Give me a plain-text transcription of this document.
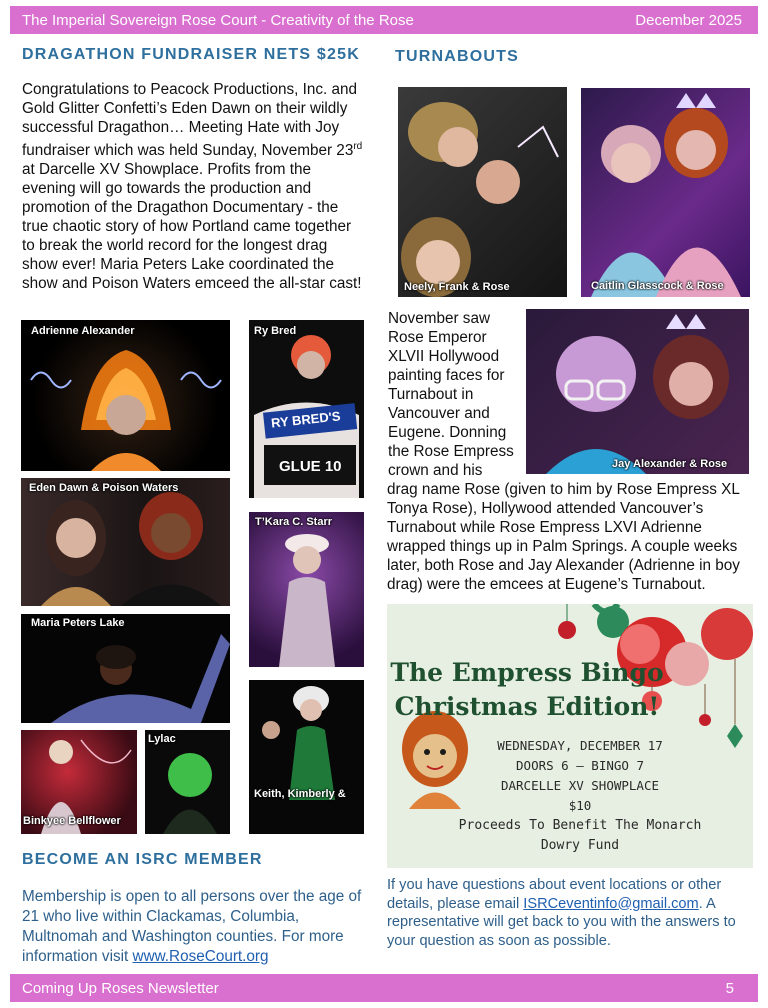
The Imperial Sovereign Rose Court - Creativity of the Rose	December 2025
DRAGATHON FUNDRAISER NETS $25K
Congratulations to Peacock Productions, Inc. and Gold Glitter Confetti’s Eden Dawn on their wildly successful Dragathon… Meeting Hate with Joy fundraiser which was held Sunday, November 23rd at Darcelle XV Showplace. Profits from the evening will go towards the production and promotion of the Dragathon Documentary - the true chaotic story of how Portland came together to break the world record for the longest drag show ever! Maria Peters Lake coordinated the show and Poison Waters emceed the all-star cast!
Adrienne Alexander	Ry Bred
RY BRED'S
GLUE 10
Eden Dawn & Poison Waters
T’Kara C. Starr
Maria Peters Lake
Binkyee Bellflower
Lylac
Keith, Kimberly &
BECOME AN ISRC MEMBER
Membership is open to all persons over the age of 21 who live within Clackamas, Columbia, Multnomah and Washington counties. For more information visit www.RoseCourt.org
TURNABOUTS
Neely, Frank & Rose	Caitlin Glasscock & Rose
November saw Rose Emperor XLVII Hollywood painting faces for Turnabout in Vancouver and Eugene. Donning the Rose Empress crown and his	Jay Alexander & Rose
drag name Rose (given to him by Rose Empress XL Tonya Rose), Hollywood attended Vancouver’s Turnabout while Rose Empress LXVI Adrienne wrapped things up in Palm Springs. A couple weeks later, both Rose and Jay Alexander (Adrienne in boy drag) were the emcees at Eugene’s Turnabout.
The Empress Bingo
Christmas Edition!
WEDNESDAY, DECEMBER 17
DOORS 6 – BINGO 7
DARCELLE XV SHOWPLACE
$10
Proceeds To Benefit The Monarch
Dowry Fund
If you have questions about event locations or other details, please email ISRCeventinfo@gmail.com. A representative will get back to you with the answers to your question as soon as possible.
Coming Up Roses Newsletter	5
